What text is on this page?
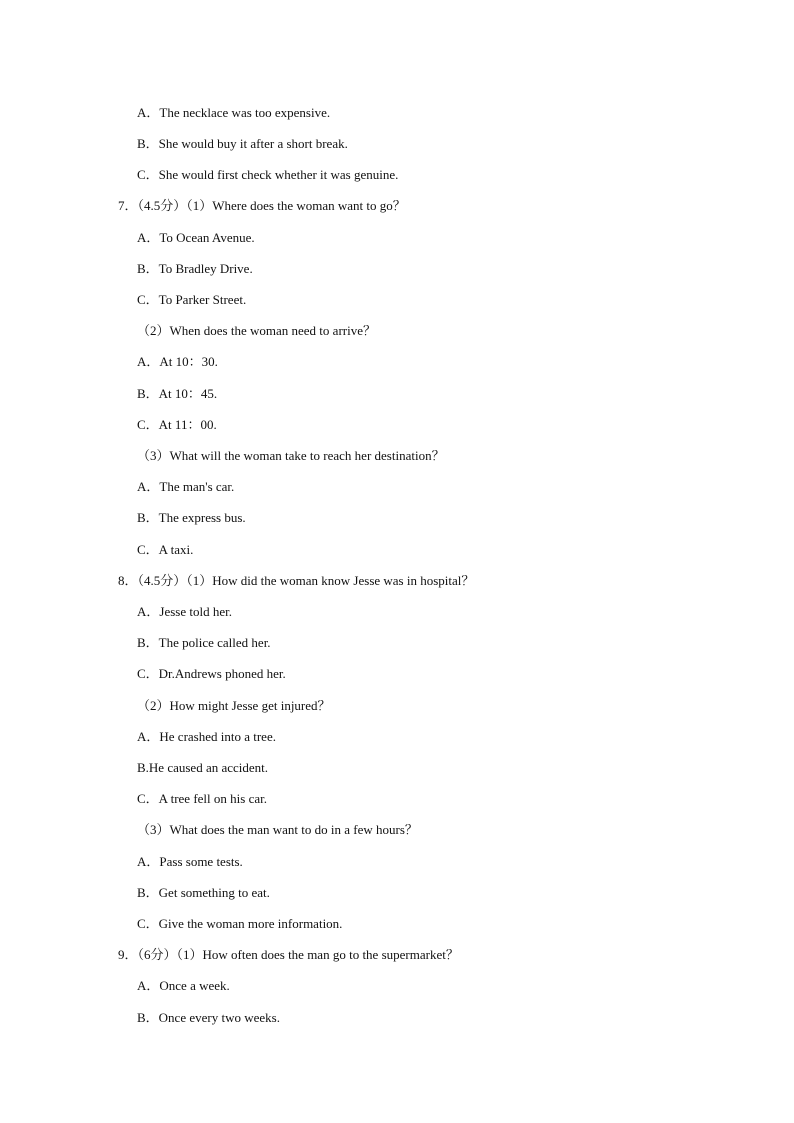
A．The necklace was too expensive.
B．She would buy it after a short break.
C．She would first check whether it was genuine.
7．（4.5分）（1）Where does the woman want to go？
A．To Ocean Avenue.
B．To Bradley Drive.
C．To Parker Street.
（2）When does the woman need to arrive？
A．At 10：30.
B．At 10：45.
C．At 11：00.
（3）What will the woman take to reach her destination？
A．The man's car.
B．The express bus.
C．A taxi.
8．（4.5分）（1）How did the woman know Jesse was in hospital？
A．Jesse told her.
B．The police called her.
C．Dr.Andrews phoned her.
（2）How might Jesse get injured？
A．He crashed into a tree.
B.He caused an accident.
C．A tree fell on his car.
（3）What does the man want to do in a few hours？
A．Pass some tests.
B．Get something to eat.
C．Give the woman more information.
9．（6分）（1）How often does the man go to the supermarket？
A．Once a week.
B．Once every two weeks.
